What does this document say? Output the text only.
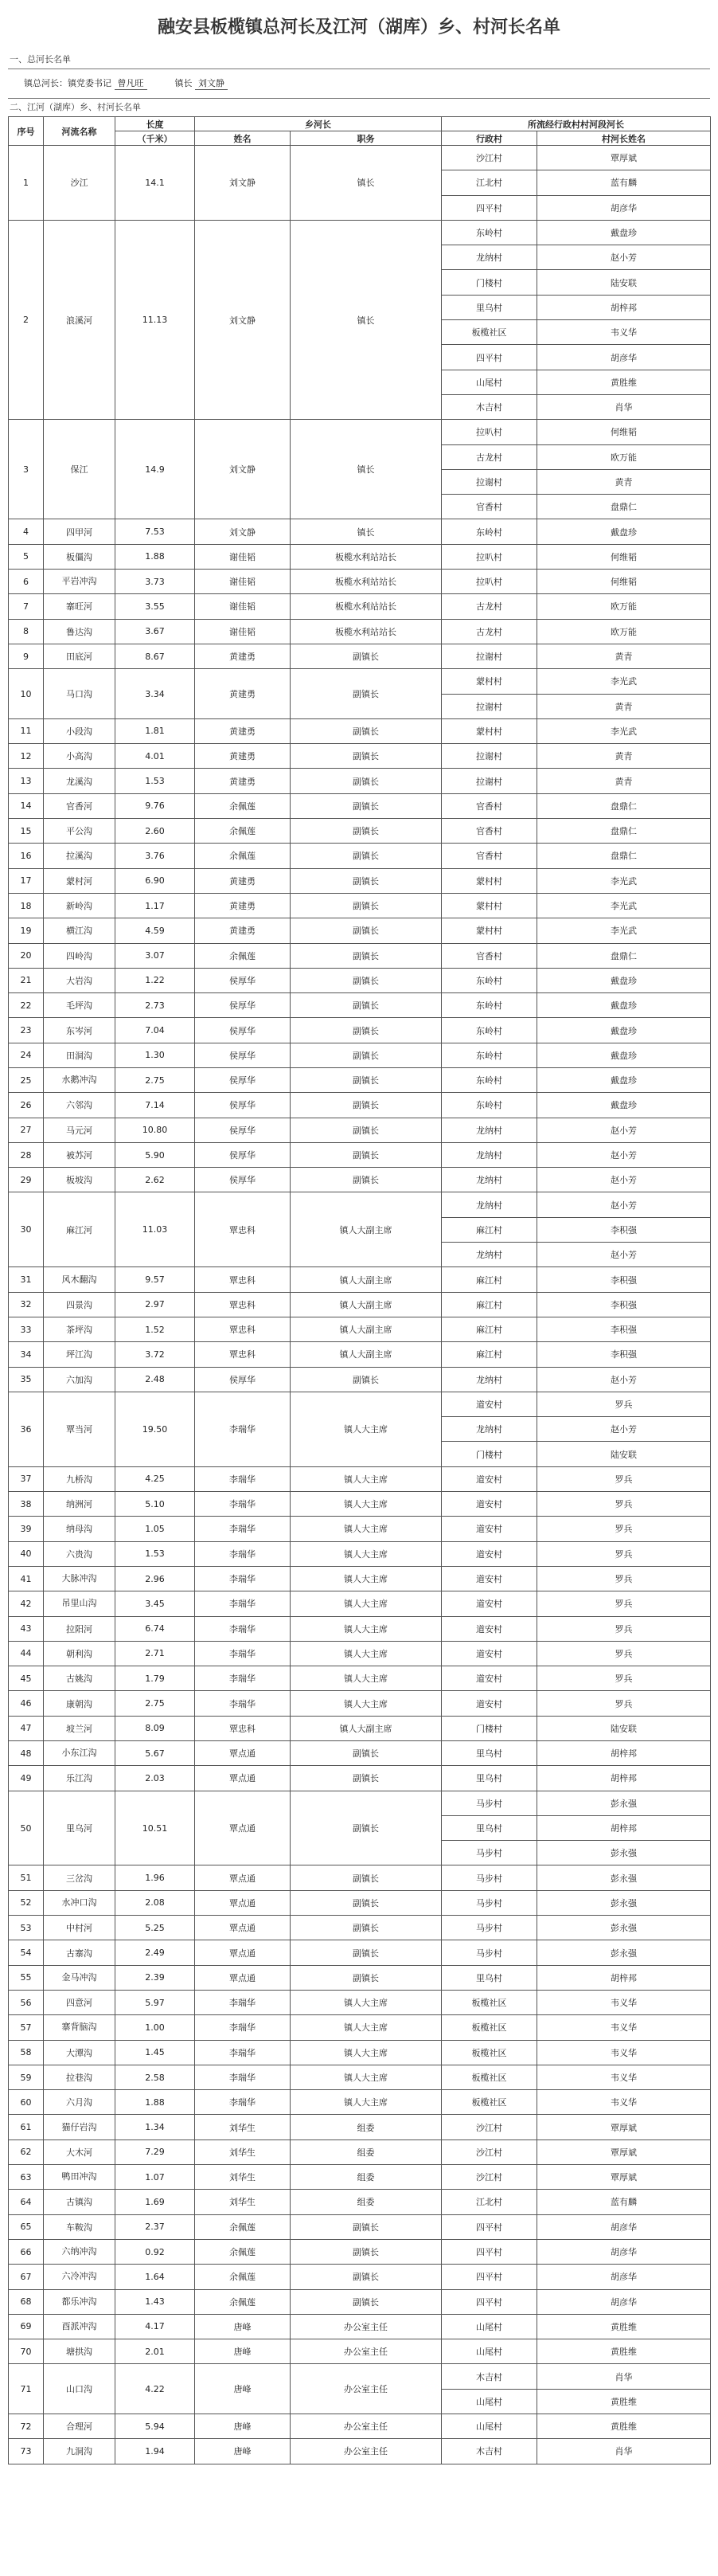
融安县板榄镇总河长及江河（湖库）乡、村河长名单
一、总河长名单
镇总河长：镇党委书记 曾凡旺	镇长 刘文静
二、江河（湖库）乡、村河长名单
序号	河流名称	长度	乡河长		所流经行政村村河段河长	
		（千米）	姓名	职务	行政村	村河长姓名
1	沙江	14.1	刘文静	镇长	沙江村	覃厚斌
					江北村	蓝有麟
					四平村	胡彦华
2	浪溪河	11.13	刘文静	镇长	东岭村	戴盘珍
					龙纳村	赵小芳
					门楼村	陆安联
					里乌村	胡梓邦
					板榄社区	韦义华
					四平村	胡彦华
					山尾村	黄胜维
					木吉村	肖华
3	保江	14.9	刘文静	镇长	拉叭村	何维韬
					古龙村	欧万能
					拉谢村	黄青
					官香村	盘鼎仁
4	四甲河	7.53	刘文静	镇长	东岭村	戴盘珍
5	板僵沟	1.88	谢佳韬	板榄水利站站长	拉叭村	何维韬
6	平岩冲沟	3.73	谢佳韬	板榄水利站站长	拉叭村	何维韬
7	寨旺河	3.55	谢佳韬	板榄水利站站长	古龙村	欧万能
8	鲁达沟	3.67	谢佳韬	板榄水利站站长	古龙村	欧万能
9	田底河	8.67	黄建勇	副镇长	拉谢村	黄青
10	马口沟	3.34	黄建勇	副镇长	蒙村村	李光武
					拉谢村	黄青
11	小段沟	1.81	黄建勇	副镇长	蒙村村	李光武
12	小高沟	4.01	黄建勇	副镇长	拉谢村	黄青
13	龙溪沟	1.53	黄建勇	副镇长	拉谢村	黄青
14	官香河	9.76	余佩莲	副镇长	官香村	盘鼎仁
15	平公沟	2.60	余佩莲	副镇长	官香村	盘鼎仁
16	拉溪沟	3.76	余佩莲	副镇长	官香村	盘鼎仁
17	蒙村河	6.90	黄建勇	副镇长	蒙村村	李光武
18	新岭沟	1.17	黄建勇	副镇长	蒙村村	李光武
19	横江沟	4.59	黄建勇	副镇长	蒙村村	李光武
20	四岭沟	3.07	余佩莲	副镇长	官香村	盘鼎仁
21	大岩沟	1.22	侯厚华	副镇长	东岭村	戴盘珍
22	毛坪沟	2.73	侯厚华	副镇长	东岭村	戴盘珍
23	东岑河	7.04	侯厚华	副镇长	东岭村	戴盘珍
24	田洞沟	1.30	侯厚华	副镇长	东岭村	戴盘珍
25	水鹅冲沟	2.75	侯厚华	副镇长	东岭村	戴盘珍
26	六邻沟	7.14	侯厚华	副镇长	东岭村	戴盘珍
27	马元河	10.80	侯厚华	副镇长	龙纳村	赵小芳
28	被苏河	5.90	侯厚华	副镇长	龙纳村	赵小芳
29	板坡沟	2.62	侯厚华	副镇长	龙纳村	赵小芳
30	麻江河	11.03	覃忠科	镇人大副主席	龙纳村	赵小芳
					麻江村	李积强
					龙纳村	赵小芳
31	风木翻沟	9.57	覃忠科	镇人大副主席	麻江村	李积强
32	四景沟	2.97	覃忠科	镇人大副主席	麻江村	李积强
33	茶坪沟	1.52	覃忠科	镇人大副主席	麻江村	李积强
34	坪江沟	3.72	覃忠科	镇人大副主席	麻江村	李积强
35	六加沟	2.48	侯厚华	副镇长	龙纳村	赵小芳
36	覃当河	19.50	李瑞华	镇人大主席	道安村	罗兵
					龙纳村	赵小芳
					门楼村	陆安联
37	九桥沟	4.25	李瑞华	镇人大主席	道安村	罗兵
38	纳洲河	5.10	李瑞华	镇人大主席	道安村	罗兵
39	纳母沟	1.05	李瑞华	镇人大主席	道安村	罗兵
40	六贵沟	1.53	李瑞华	镇人大主席	道安村	罗兵
41	大脉冲沟	2.96	李瑞华	镇人大主席	道安村	罗兵
42	吊里山沟	3.45	李瑞华	镇人大主席	道安村	罗兵
43	拉阳河	6.74	李瑞华	镇人大主席	道安村	罗兵
44	朝利沟	2.71	李瑞华	镇人大主席	道安村	罗兵
45	古姚沟	1.79	李瑞华	镇人大主席	道安村	罗兵
46	康朝沟	2.75	李瑞华	镇人大主席	道安村	罗兵
47	坡兰河	8.09	覃忠科	镇人大副主席	门楼村	陆安联
48	小东江沟	5.67	覃点通	副镇长	里乌村	胡梓邦
49	乐江沟	2.03	覃点通	副镇长	里乌村	胡梓邦
50	里乌河	10.51	覃点通	副镇长	马步村	彭永强
					里乌村	胡梓邦
					马步村	彭永强
51	三岔沟	1.96	覃点通	副镇长	马步村	彭永强
52	水冲口沟	2.08	覃点通	副镇长	马步村	彭永强
53	中村河	5.25	覃点通	副镇长	马步村	彭永强
54	古寨沟	2.49	覃点通	副镇长	马步村	彭永强
55	金马冲沟	2.39	覃点通	副镇长	里乌村	胡梓邦
56	四意河	5.97	李瑞华	镇人大主席	板榄社区	韦义华
57	寨背脑沟	1.00	李瑞华	镇人大主席	板榄社区	韦义华
58	大潭沟	1.45	李瑞华	镇人大主席	板榄社区	韦义华
59	拉巷沟	2.58	李瑞华	镇人大主席	板榄社区	韦义华
60	六月沟	1.88	李瑞华	镇人大主席	板榄社区	韦义华
61	猫仔岩沟	1.34	刘华生	组委	沙江村	覃厚斌
62	大木河	7.29	刘华生	组委	沙江村	覃厚斌
63	鸭田冲沟	1.07	刘华生	组委	沙江村	覃厚斌
64	古镇沟	1.69	刘华生	组委	江北村	蓝有麟
65	车鞍沟	2.37	余佩莲	副镇长	四平村	胡彦华
66	六纳冲沟	0.92	余佩莲	副镇长	四平村	胡彦华
67	六冷冲沟	1.64	余佩莲	副镇长	四平村	胡彦华
68	都乐冲沟	1.43	余佩莲	副镇长	四平村	胡彦华
69	酉派冲沟	4.17	唐峰	办公室主任	山尾村	黄胜维
70	塘拱沟	2.01	唐峰	办公室主任	山尾村	黄胜维
71	山口沟	4.22	唐峰	办公室主任	木吉村	肖华
					山尾村	黄胜维
72	合理河	5.94	唐峰	办公室主任	山尾村	黄胜维
73	九洞沟	1.94	唐峰	办公室主任	木吉村	肖华
